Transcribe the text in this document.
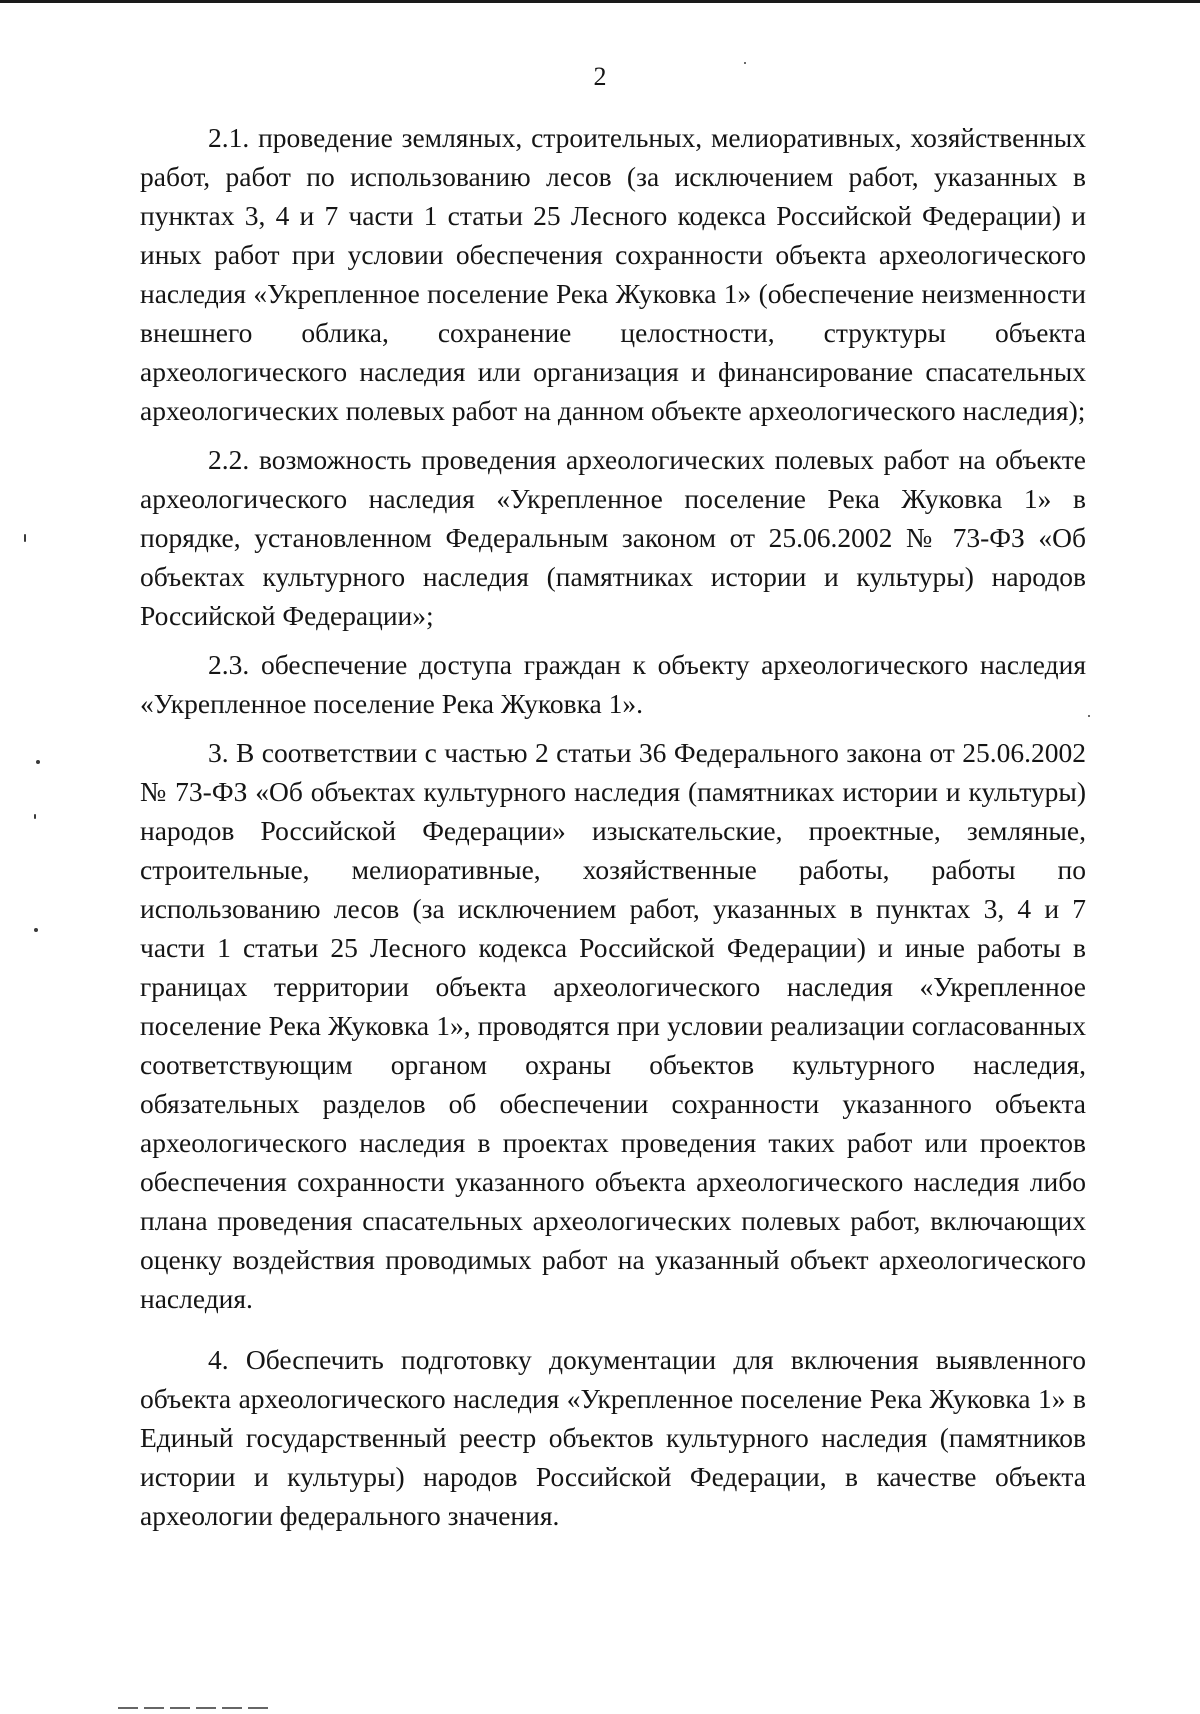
2

2.1. проведение земляных, строительных, мелиоративных, хозяйственных работ, работ по использованию лесов (за исключением работ, указанных в пунктах 3, 4 и 7 части 1 статьи 25 Лесного кодекса Российской Федерации) и иных работ при условии обеспечения сохранности объекта археологического наследия «Укрепленное поселение Река Жуковка 1» (обеспечение неизменности внешнего облика, сохранение целостности, структуры объекта археологического наследия или организация и финансирование спасательных археологических полевых работ на данном объекте археологического наследия);

2.2. возможность проведения археологических полевых работ на объекте археологического наследия «Укрепленное поселение Река Жуковка 1» в порядке, установленном Федеральным законом от 25.06.2002 № 73-ФЗ «Об объектах культурного наследия (памятниках истории и культуры) народов Российской Федерации»;

2.3. обеспечение доступа граждан к объекту археологического наследия «Укрепленное поселение Река Жуковка 1».

3. В соответствии с частью 2 статьи 36 Федерального закона от 25.06.2002 № 73-ФЗ «Об объектах культурного наследия (памятниках истории и культуры) народов Российской Федерации» изыскательские, проектные, земляные, строительные, мелиоративные, хозяйственные работы, работы по использованию лесов (за исключением работ, указанных в пунктах 3, 4 и 7 части 1 статьи 25 Лесного кодекса Российской Федерации) и иные работы в границах территории объекта археологического наследия «Укрепленное поселение Река Жуковка 1», проводятся при условии реализации согласованных соответствующим органом охраны объектов культурного наследия, обязательных разделов об обеспечении сохранности указанного объекта археологического наследия в проектах проведения таких работ или проектов обеспечения сохранности указанного объекта археологического наследия либо плана проведения спасательных археологических полевых работ, включающих оценку воздействия проводимых работ на указанный объект археологического наследия.

4. Обеспечить подготовку документации для включения выявленного объекта археологического наследия «Укрепленное поселение Река Жуковка 1» в Единый государственный реестр объектов культурного наследия (памятников истории и культуры) народов Российской Федерации, в качестве объекта археологии федерального значения.
